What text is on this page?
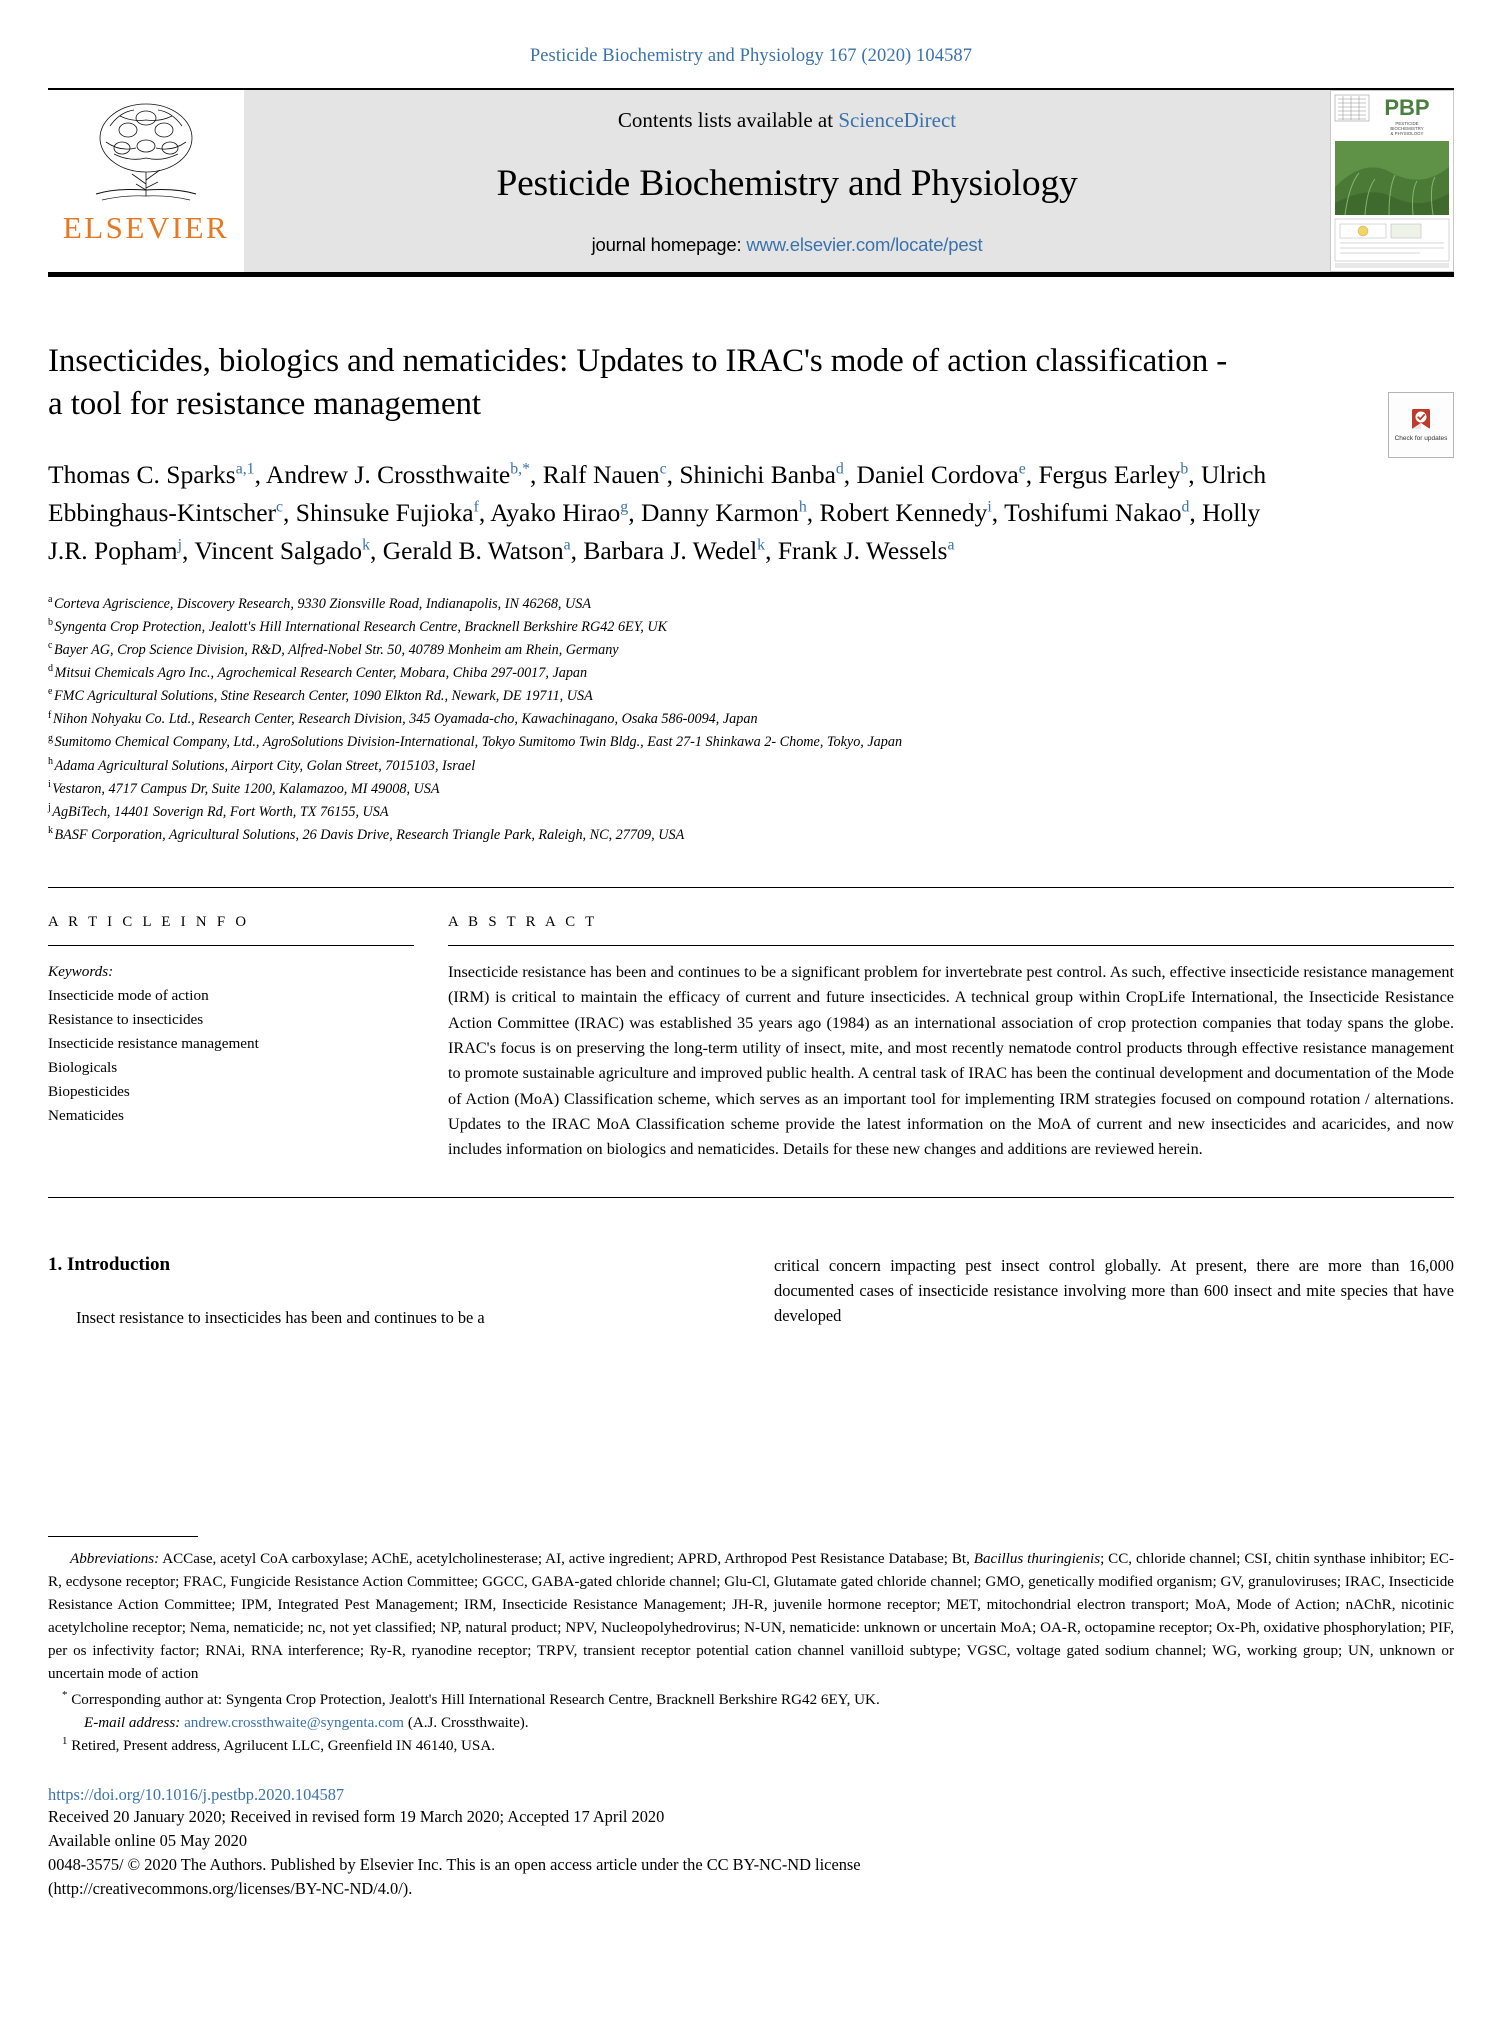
Pesticide Biochemistry and Physiology 167 (2020) 104587
ELSEVIER
Contents lists available at ScienceDirect
Pesticide Biochemistry and Physiology
journal homepage: www.elsevier.com/locate/pest
PBP
PESTICIDE
BIOCHEMISTRY
& PHYSIOLOGY
Insecticides, biologics and nematicides: Updates to IRAC's mode of action classification - a tool for resistance management
Check for updates
Thomas C. Sparks$^{a,1}$, Andrew J. Crossthwaite$^{b,*}$, Ralf Nauen$^c$, Shinichi Banba$^d$, Daniel Cordova$^e$, Fergus Earley$^b$, Ulrich Ebbinghaus-Kintscher$^c$, Shinsuke Fujioka$^f$, Ayako Hirao$^g$, Danny Karmon$^h$, Robert Kennedy$^i$, Toshifumi Nakao$^d$, Holly J.R. Popham$^j$, Vincent Salgado$^k$, Gerald B. Watson$^a$, Barbara J. Wedel$^k$, Frank J. Wessels$^a$
$^a$ Corteva Agriscience, Discovery Research, 9330 Zionsville Road, Indianapolis, IN 46268, USA
$^b$ Syngenta Crop Protection, Jealott's Hill International Research Centre, Bracknell Berkshire RG42 6EY, UK
$^c$ Bayer AG, Crop Science Division, R&D, Alfred-Nobel Str. 50, 40789 Monheim am Rhein, Germany
$^d$ Mitsui Chemicals Agro Inc., Agrochemical Research Center, Mobara, Chiba 297-0017, Japan
$^e$ FMC Agricultural Solutions, Stine Research Center, 1090 Elkton Rd., Newark, DE 19711, USA
$^f$ Nihon Nohyaku Co. Ltd., Research Center, Research Division, 345 Oyamada-cho, Kawachinagano, Osaka 586-0094, Japan
$^g$ Sumitomo Chemical Company, Ltd., AgroSolutions Division-International, Tokyo Sumitomo Twin Bldg., East 27-1 Shinkawa 2- Chome, Tokyo, Japan
$^h$ Adama Agricultural Solutions, Airport City, Golan Street, 7015103, Israel
$^i$ Vestaron, 4717 Campus Dr, Suite 1200, Kalamazoo, MI 49008, USA
$^j$ AgBiTech, 14401 Soverign Rd, Fort Worth, TX 76155, USA
$^k$ BASF Corporation, Agricultural Solutions, 26 Davis Drive, Research Triangle Park, Raleigh, NC, 27709, USA
A R T I C L E I N F O
Keywords:
Insecticide mode of action
Resistance to insecticides
Insecticide resistance management
Biologicals
Biopesticides
Nematicides
A B S T R A C T
Insecticide resistance has been and continues to be a significant problem for invertebrate pest control. As such, effective insecticide resistance management (IRM) is critical to maintain the efficacy of current and future insecticides. A technical group within CropLife International, the Insecticide Resistance Action Committee (IRAC) was established 35 years ago (1984) as an international association of crop protection companies that today spans the globe. IRAC's focus is on preserving the long-term utility of insect, mite, and most recently nematode control products through effective resistance management to promote sustainable agriculture and improved public health. A central task of IRAC has been the continual development and documentation of the Mode of Action (MoA) Classification scheme, which serves as an important tool for implementing IRM strategies focused on compound rotation / alternations. Updates to the IRAC MoA Classification scheme provide the latest information on the MoA of current and new insecticides and acaricides, and now includes information on biologics and nematicides. Details for these new changes and additions are reviewed herein.
1. Introduction
Insect resistance to insecticides has been and continues to be a
critical concern impacting pest insect control globally. At present, there are more than 16,000 documented cases of insecticide resistance involving more than 600 insect and mite species that have developed
Abbreviations: ACCase, acetyl CoA carboxylase; AChE, acetylcholinesterase; AI, active ingredient; APRD, Arthropod Pest Resistance Database; Bt, Bacillus thuringienis; CC, chloride channel; CSI, chitin synthase inhibitor; EC-R, ecdysone receptor; FRAC, Fungicide Resistance Action Committee; GGCC, GABA-gated chloride channel; Glu-Cl, Glutamate gated chloride channel; GMO, genetically modified organism; GV, granuloviruses; IRAC, Insecticide Resistance Action Committee; IPM, Integrated Pest Management; IRM, Insecticide Resistance Management; JH-R, juvenile hormone receptor; MET, mitochondrial electron transport; MoA, Mode of Action; nAChR, nicotinic acetylcholine receptor; Nema, nematicide; nc, not yet classified; NP, natural product; NPV, Nucleopolyhedrovirus; N-UN, nematicide: unknown or uncertain MoA; OA-R, octopamine receptor; Ox-Ph, oxidative phosphorylation; PIF, per os infectivity factor; RNAi, RNA interference; Ry-R, ryanodine receptor; TRPV, transient receptor potential cation channel vanilloid subtype; VGSC, voltage gated sodium channel; WG, working group; UN, unknown or uncertain mode of action
* Corresponding author at: Syngenta Crop Protection, Jealott's Hill International Research Centre, Bracknell Berkshire RG42 6EY, UK.
E-mail address: andrew.crossthwaite@syngenta.com (A.J. Crossthwaite).
$^1$ Retired, Present address, Agrilucent LLC, Greenfield IN 46140, USA.
https://doi.org/10.1016/j.pestbp.2020.104587
Received 20 January 2020; Received in revised form 19 March 2020; Accepted 17 April 2020
Available online 05 May 2020
0048-3575/ © 2020 The Authors. Published by Elsevier Inc. This is an open access article under the CC BY-NC-ND license
(http://creativecommons.org/licenses/BY-NC-ND/4.0/).
